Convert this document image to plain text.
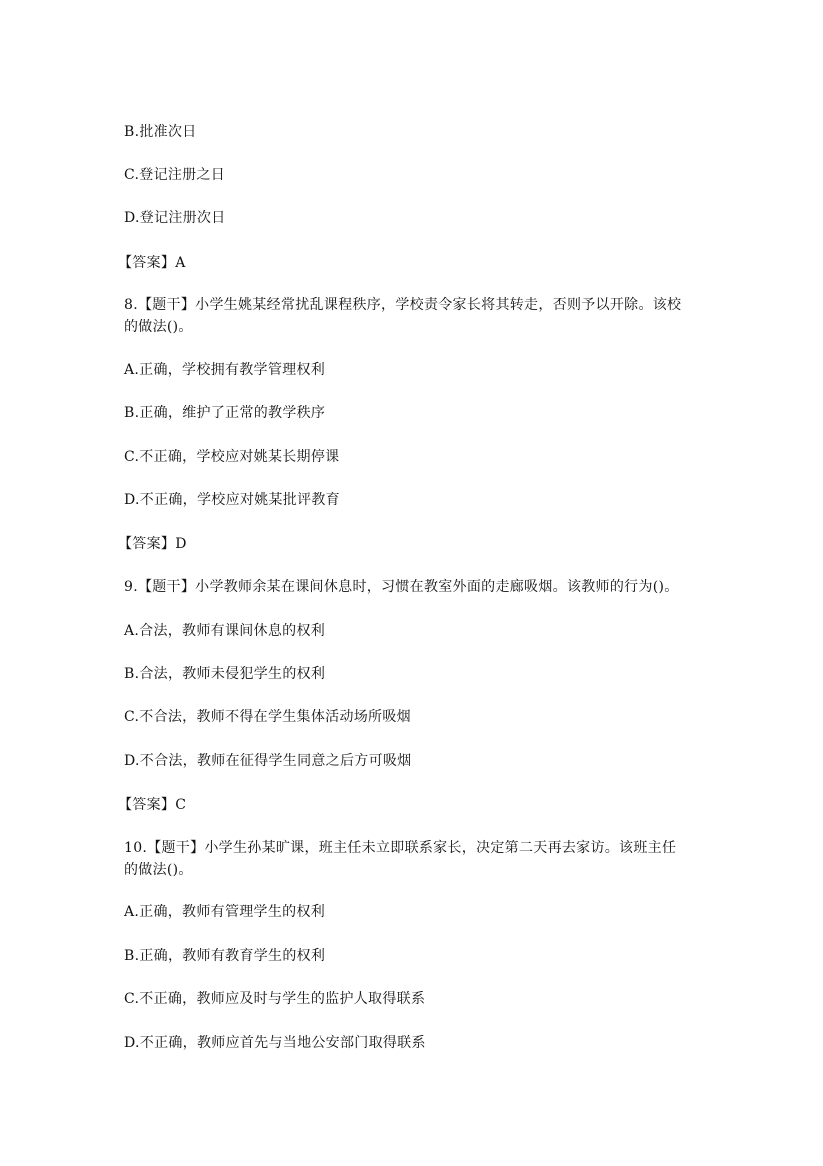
B.批准次日
C.登记注册之日
D.登记注册次日
【答案】A
8.【题干】小学生姚某经常扰乱课程秩序，学校责令家长将其转走，否则予以开除。该校
的做法()。
A.正确，学校拥有教学管理权利
B.正确，维护了正常的教学秩序
C.不正确，学校应对姚某长期停课
D.不正确，学校应对姚某批评教育
【答案】D
9.【题干】小学教师余某在课间休息时，习惯在教室外面的走廊吸烟。该教师的行为()。
A.合法，教师有课间休息的权利
B.合法，教师未侵犯学生的权利
C.不合法，教师不得在学生集体活动场所吸烟
D.不合法，教师在征得学生同意之后方可吸烟
【答案】C
10.【题干】小学生孙某旷课，班主任未立即联系家长，决定第二天再去家访。该班主任
的做法()。
A.正确，教师有管理学生的权利
B.正确，教师有教育学生的权利
C.不正确，教师应及时与学生的监护人取得联系
D.不正确，教师应首先与当地公安部门取得联系
